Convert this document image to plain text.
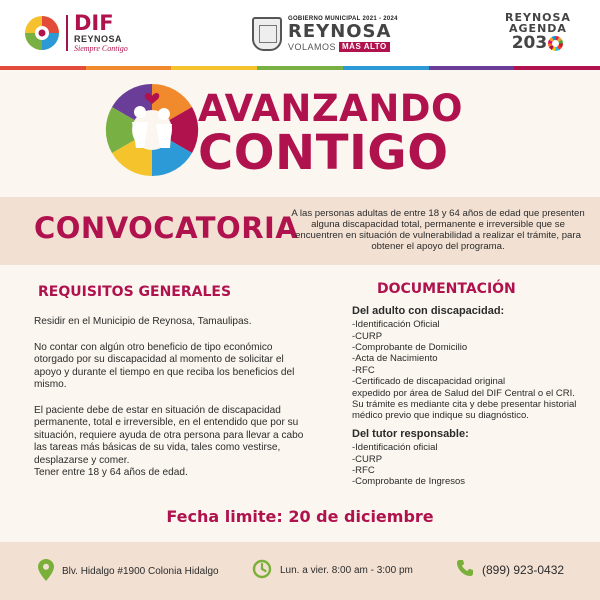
DIF
REYNOSA
Siempre Contigo
GOBIERNO MUNICIPAL 2021 - 2024
REYNOSA
VOLAMOS MÁS ALTO
REYNOSA
AGENDA
20 3
AVANZANDO
CONTIGO
CONVOCATORIA
A las personas adultas de entre 18 y 64 años de edad que presenten alguna discapacidad total, permanente e irreversible que se encuentren en situación de vulnerabilidad a realizar el trámite, para obtener el apoyo del programa.
REQUISITOS GENERALES

Residir en el Municipio de Reynosa, Tamaulipas.

No contar con algún otro beneficio de tipo económico otorgado por su discapacidad al momento de solicitar el apoyo y durante el tiempo en que reciba los beneficios del mismo.

El paciente debe de estar en situación de discapacidad permanente, total e irreversible, en el entendido que por su situación, requiere ayuda de otra persona para llevar a cabo las tareas más básicas de su vida, tales como vestirse, desplazarse y comer.
Tener entre 18 y 64 años de edad.
DOCUMENTACIÓN
Del adulto con discapacidad:
-Identificación Oficial
-CURP
-Comprobante de Domicilio
-Acta de Nacimiento
-RFC
-Certificado de discapacidad original
expedido por área de Salud del DIF Central o el CRI.
Su trámite es mediante cita y debe presentar historial médico previo que indique su diagnóstico.
Del tutor responsable:
-Identificación oficial
-CURP
-RFC
-Comprobante de Ingresos
Fecha limite: 20 de diciembre
Blv. Hidalgo #1900 Colonia Hidalgo	Lun. a vier. 8:00 am - 3:00 pm	(899) 923-0432
